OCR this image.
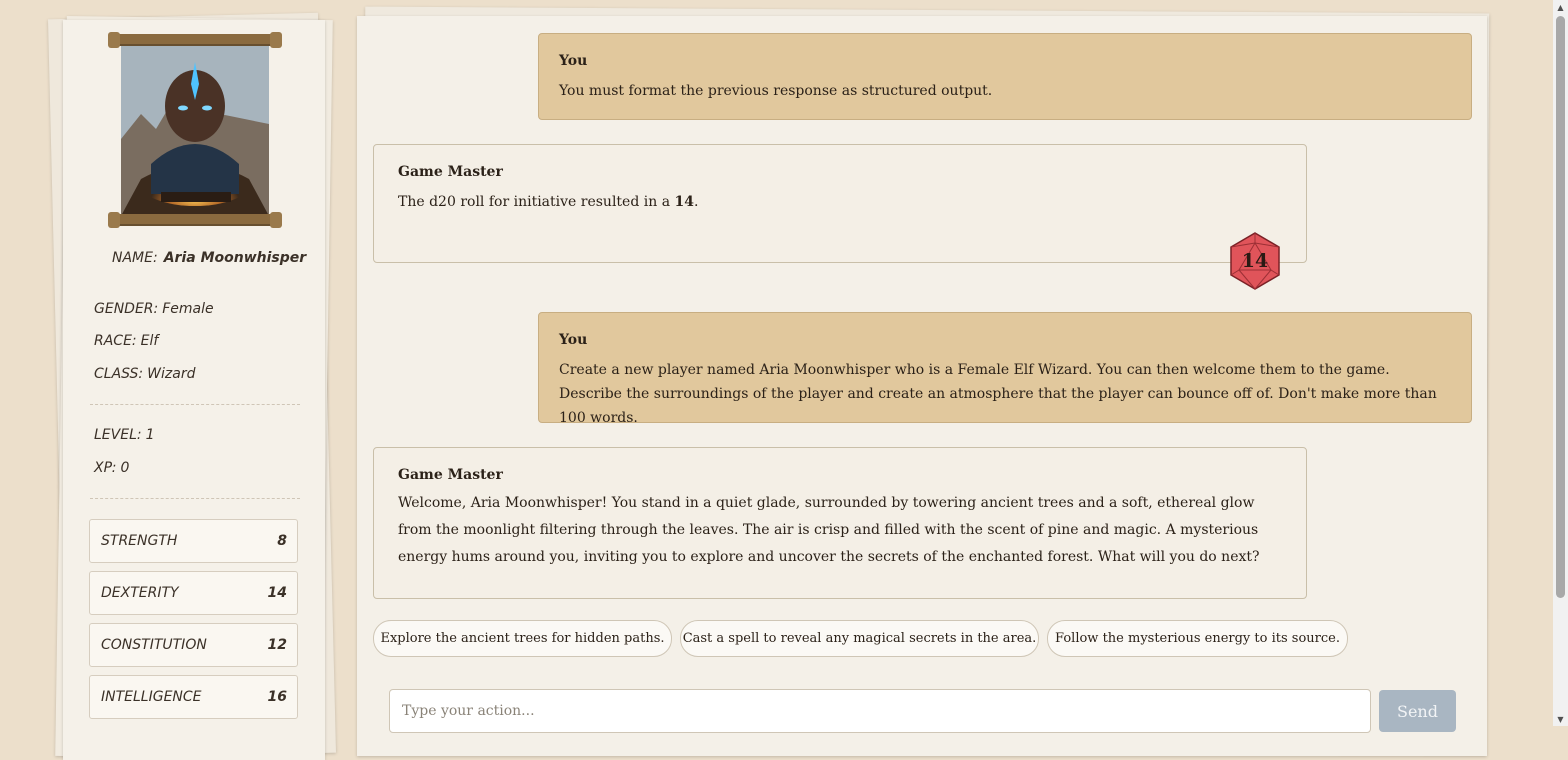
NAME: Aria Moonwhisper
GENDER: Female
RACE: Elf
CLASS: Wizard
LEVEL: 1
XP: 0
STRENGTH	8
DEXTERITY	14
CONSTITUTION	12
INTELLIGENCE	16
You
You must format the previous response as structured output.
Game Master
The d20 roll for initiative resulted in a 14.
14
You
Create a new player named Aria Moonwhisper who is a Female Elf Wizard. You can then welcome them to the game. Describe the surroundings of the player and create an atmosphere that the player can bounce off of. Don't make more than 100 words.
Game Master
Welcome, Aria Moonwhisper! You stand in a quiet glade, surrounded by towering ancient trees and a soft, ethereal glow from the moonlight filtering through the leaves. The air is crisp and filled with the scent of pine and magic. A mysterious energy hums around you, inviting you to explore and uncover the secrets of the enchanted forest. What will you do next?
Explore the ancient trees for hidden paths.	Cast a spell to reveal any magical secrets in the area.	Follow the mysterious energy to its source.
Type your action...
Send
▲
▼
